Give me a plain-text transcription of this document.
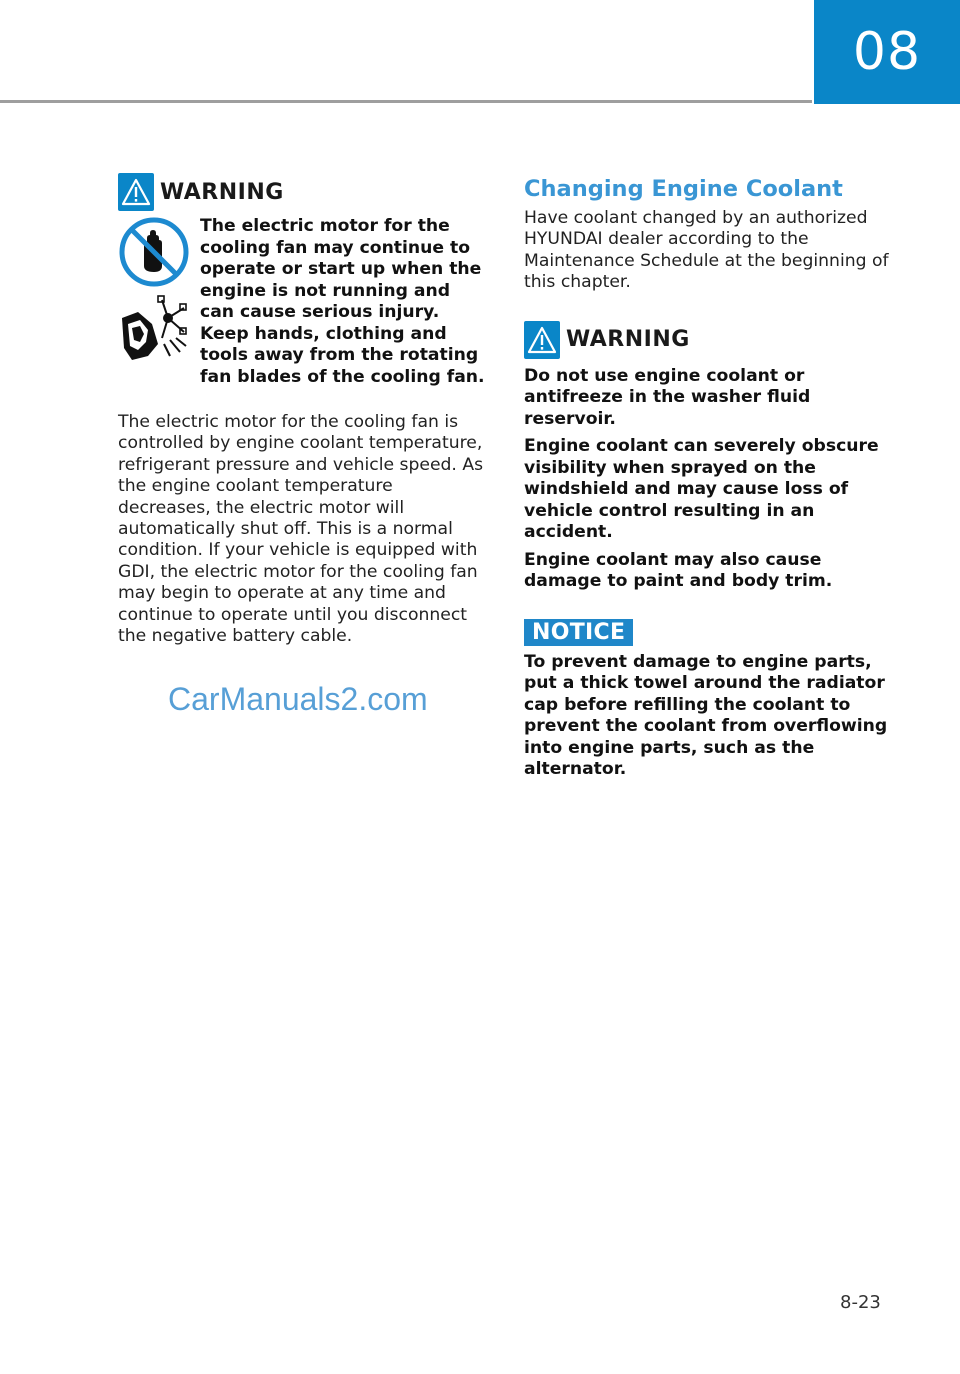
08
WARNING
The electric motor for the cooling fan may continue to operate or start up when the engine is not running and can cause serious injury. Keep hands, clothing and tools away from the rotating fan blades of the cooling fan.
The electric motor for the cooling fan is controlled by engine coolant temperature, refrigerant pressure and vehicle speed. As the engine coolant temperature decreases, the electric motor will automatically shut off. This is a normal condition. If your vehicle is equipped with GDI, the electric motor for the cooling fan may begin to operate at any time and continue to operate until you disconnect the negative battery cable.
CarManuals2.com
Changing Engine Coolant
Have coolant changed by an authorized HYUNDAI dealer according to the Maintenance Schedule at the beginning of this chapter.
WARNING

Do not use engine coolant or antifreeze in the washer fluid reservoir.

Engine coolant can severely obscure visibility when sprayed on the windshield and may cause loss of vehicle control resulting in an accident.

Engine coolant may also cause damage to paint and body trim.

NOTICE
To prevent damage to engine parts, put a thick towel around the radiator cap before refilling the coolant to prevent the coolant from overflowing into engine parts, such as the alternator.
8-23
